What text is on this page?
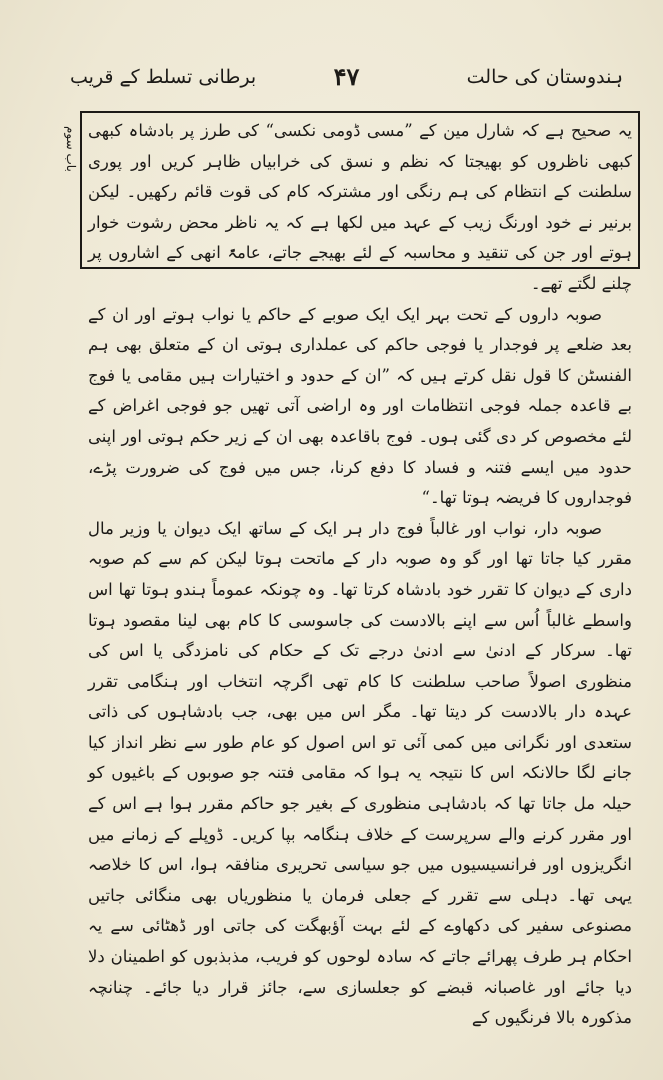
ہندوستان کی حالت
۴۷
برطانی تسلط کے قریب
باب سوم یہ صحیح ہے کہ شارل مین کے ”مسی ڈومی نکسی“ کی طرز پر بادشاہ کبھی کبھی ناظروں کو بھیجتا کہ نظم و نسق کی خرابیاں ظاہر کریں اور پوری سلطنت کے انتظام کی ہم رنگی اور مشترکہ کام کی قوت قائم رکھیں۔ لیکن برنیر نے خود اورنگ زیب کے عہد میں لکھا ہے کہ یہ ناظر محض رشوت خوار ہوتے اور جن کی تنقید و محاسبہ کے لئے بھیجے جاتے، عامۃً انھی کے اشاروں پر چلنے لگتے تھے۔

صوبہ داروں کے تحت بہر ایک ایک صوبے کے حاکم یا نواب ہوتے اور ان کے بعد ضلعے پر فوجدار یا فوجی حاکم کی عملداری ہوتی ان کے متعلق بھی ہم الفنسٹن کا قول نقل کرتے ہیں کہ ”ان کے حدود و اختیارات ہیں مقامی یا فوج بے قاعدہ جملہ فوجی انتظامات اور وہ اراضی آتی تھیں جو فوجی اغراض کے لئے مخصوص کر دی گئی ہوں۔ فوج باقاعدہ بھی ان کے زیر حکم ہوتی اور اپنی حدود میں ایسے فتنہ و فساد کا دفع کرنا، جس میں فوج کی ضرورت پڑے، فوجداروں کا فریضہ ہوتا تھا۔“

صوبہ دار، نواب اور غالباً فوج دار ہر ایک کے ساتھ ایک دیوان یا وزیر مال مقرر کیا جاتا تھا اور گو وہ صوبہ دار کے ماتحت ہوتا لیکن کم سے کم صوبہ داری کے دیوان کا تقرر خود بادشاہ کرتا تھا۔ وہ چونکہ عموماً ہندو ہوتا تھا اس واسطے غالباً اُس سے اپنے بالادست کی جاسوسی کا کام بھی لینا مقصود ہوتا تھا۔ سرکار کے ادنیٰ سے ادنیٰ درجے تک کے حکام کی نامزدگی یا اس کی منظوری اصولاً صاحب سلطنت کا کام تھی اگرچہ انتخاب اور ہنگامی تقرر عہدہ دار بالادست کر دیتا تھا۔ مگر اس میں بھی، جب بادشاہوں کی ذاتی ستعدی اور نگرانی میں کمی آئی تو اس اصول کو عام طور سے نظر انداز کیا جانے لگا حالانکہ اس کا نتیجہ یہ ہوا کہ مقامی فتنہ جو صوبوں کے باغیوں کو حیلہ مل جاتا تھا کہ بادشاہی منظوری کے بغیر جو حاکم مقرر ہوا ہے اس کے اور مقرر کرنے والے سرپرست کے خلاف ہنگامہ بپا کریں۔ ڈوپلے کے زمانے میں انگریزوں اور فرانسیسیوں میں جو سیاسی تحریری منافقہ ہوا، اس کا خلاصہ یہی تھا۔ دہلی سے تقرر کے جعلی فرمان یا منظوریاں بھی منگائی جاتیں مصنوعی سفیر کی دکھاوے کے لئے بہت آؤبھگت کی جاتی اور ڈھٹائی سے یہ احکام ہر طرف پھرائے جاتے کہ سادہ لوحوں کو فریب، مذبذبوں کو اطمینان دلا دیا جائے اور غاصبانہ قبضے کو جعلسازی سے، جائز قرار دیا جائے۔ چنانچہ مذکورہ بالا فرنگیوں کے
